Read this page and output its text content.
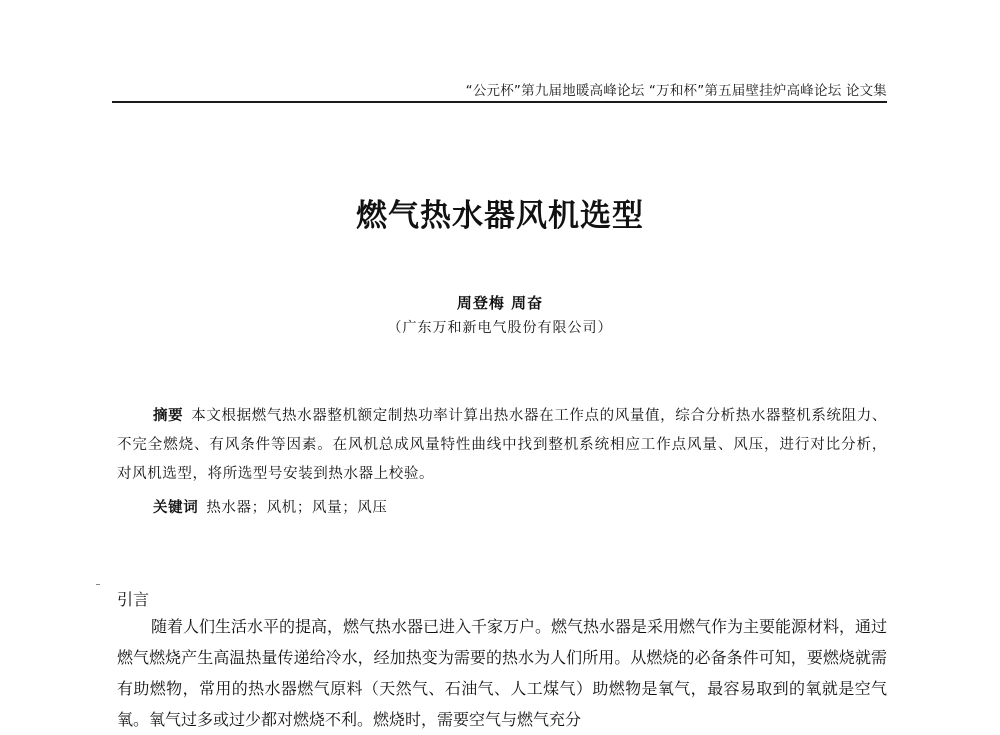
“公元杯”第九届地暖高峰论坛 “万和杯”第五届壁挂炉高峰论坛 论文集
燃气热水器风机选型
周登梅 周奋
（广东万和新电气股份有限公司）

摘要 本文根据燃气热水器整机额定制热功率计算出热水器在工作点的风量值，综合分析热水器整机系统阻力、不完全燃烧、有风条件等因素。在风机总成风量特性曲线中找到整机系统相应工作点风量、风压，进行对比分析，对风机选型，将所选型号安装到热水器上校验。

关键词 热水器；风机；风量；风压

引言

随着人们生活水平的提高，燃气热水器已进入千家万户。燃气热水器是采用燃气作为主要能源材料，通过燃气燃烧产生高温热量传递给冷水，经加热变为需要的热水为人们所用。从燃烧的必备条件可知，要燃烧就需有助燃物，常用的热水器燃气原料（天然气、石油气、人工煤气）助燃物是氧气，最容易取到的氧就是空气氧。氧气过多或过少都对燃烧不利。燃烧时，需要空气与燃气充分
